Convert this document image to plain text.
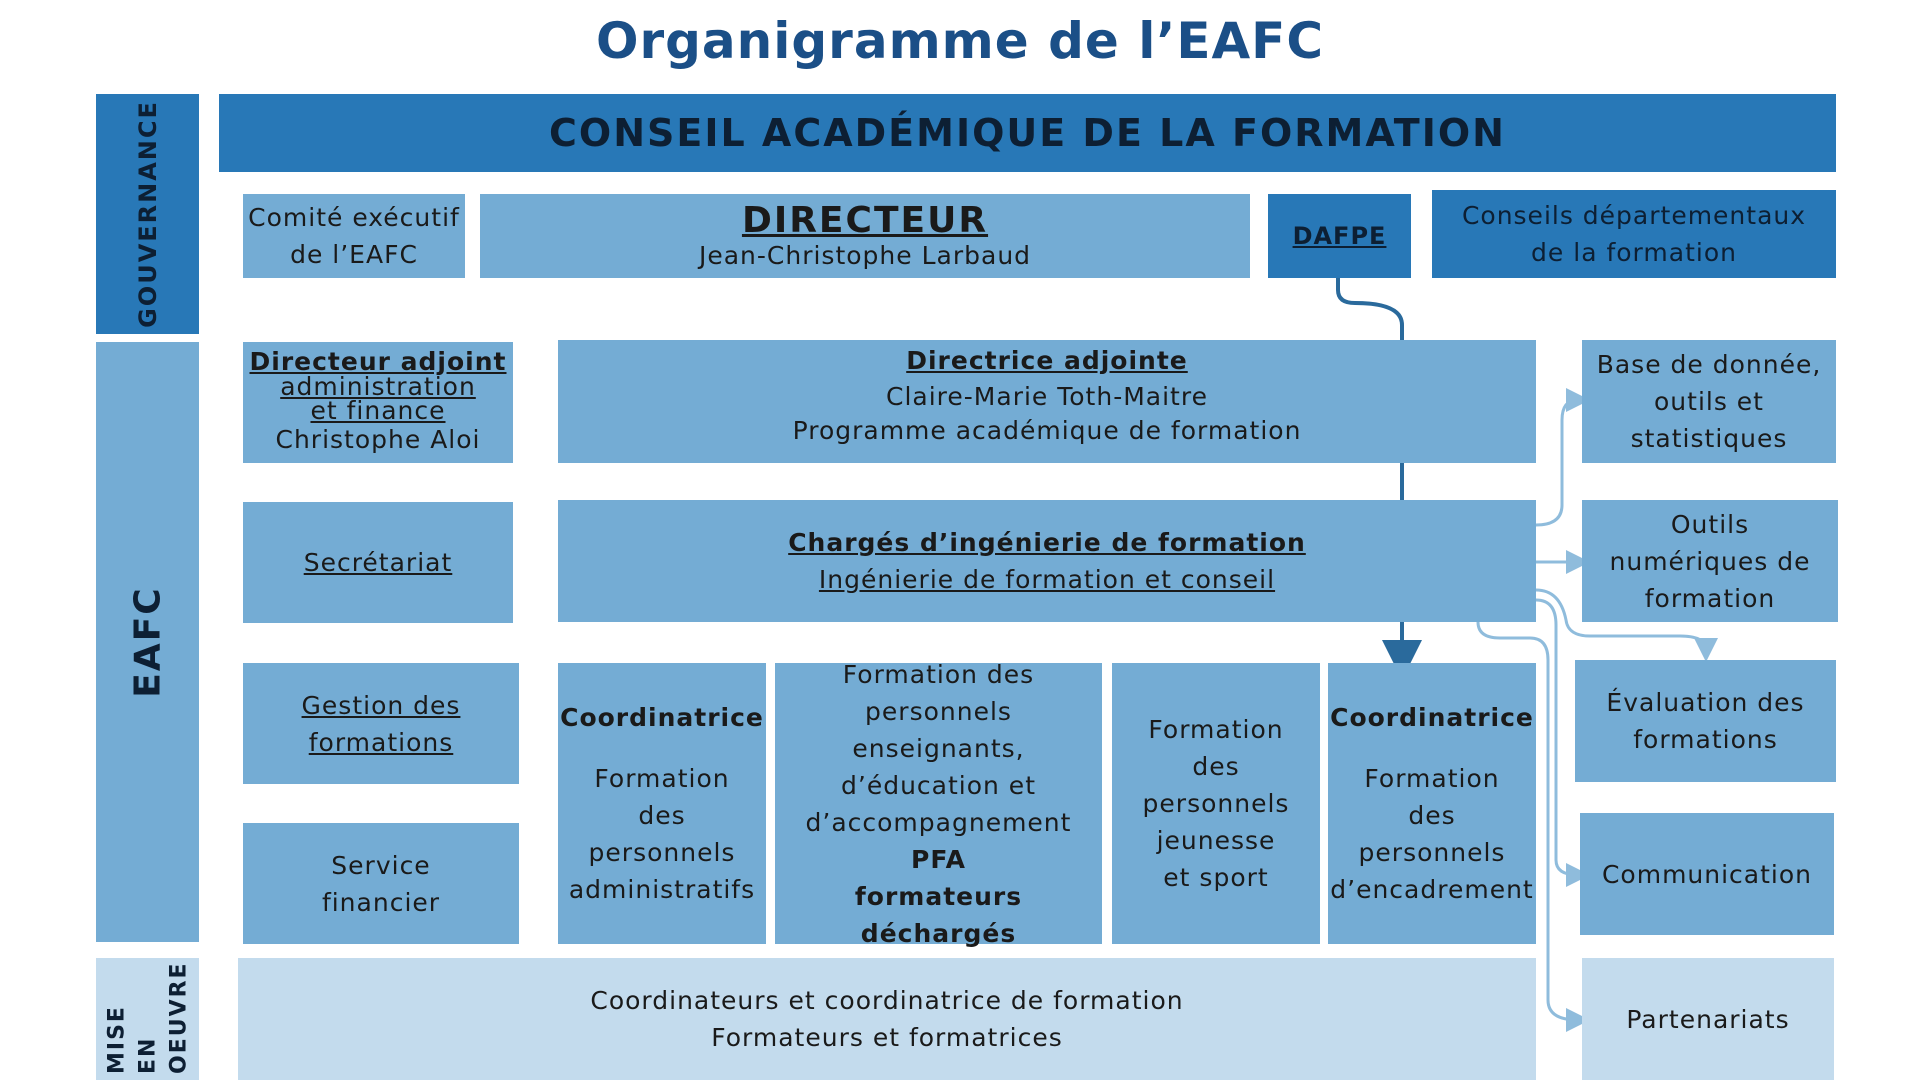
Organigramme de l’EAFC
GOUVERNANCE
EAFC
MISE EN OEUVRE
CONSEIL ACADÉMIQUE DE LA FORMATION
Comité exécutif
de l’EAFC
DIRECTEUR
Jean-Christophe Larbaud
DAFPE
Conseils départementaux
de la formation
Directeur adjoint
administration
et finance
Christophe Aloi
Secrétariat
Gestion des
formations
Service
financier
Directrice adjointe
Claire-Marie Toth-Maitre
Programme académique de formation
Chargés d’ingénierie de formation
Ingénierie de formation et conseil
Coordinatrice
Formation
des
personnels
administratifs
Formation des
personnels enseignants,
d’éducation et
d’accompagnement
PFA
formateurs déchargés
Formation
des
personnels
jeunesse
et sport
Coordinatrice
Formation
des
personnels
d’encadrement
Base de donnée,
outils et
statistiques
Outils
numériques de
formation
Évaluation des
formations
Communication
Partenariats
Coordinateurs et coordinatrice de formation
Formateurs et formatrices
